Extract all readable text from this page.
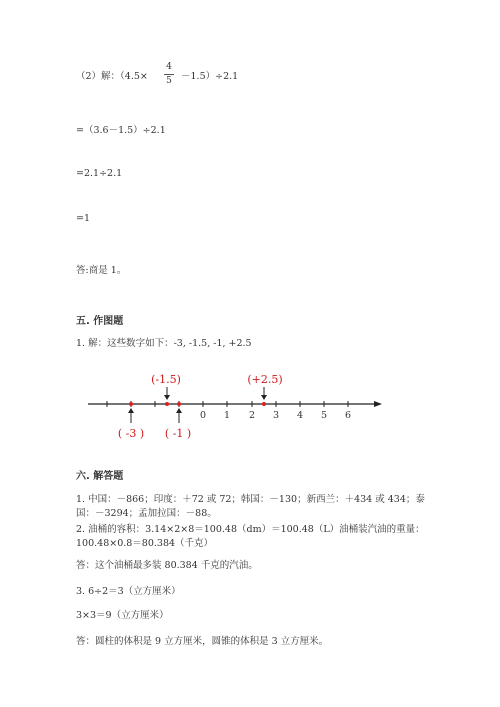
（2）解：（4.5×
4
5 －1.5）÷2.1
=（3.6－1.5）÷2.1
=2.1÷2.1
=1
答:商是 1。
五. 作图题
1. 解：这些数字如下：-3, -1.5, -1, +2.5
0 1 2 3 4 5 6
(-1.5)	(+2.5)
( -3 ) ( -1 )
六. 解答题
1. 中国：－866；印度：＋72 或 72；韩国：－130；新西兰：＋434 或 434；泰
国：－3294；孟加拉国：－88。
2. 油桶的容积：3.14×2×8＝100.48（dm）＝100.48（L）油桶装汽油的重量：
100.48×0.8＝80.384（千克）
答：这个油桶最多装 80.384 千克的汽油。
3. 6÷2＝3（立方厘米）
3×3＝9（立方厘米）
答：圆柱的体积是 9 立方厘米，圆锥的体积是 3 立方厘米。
